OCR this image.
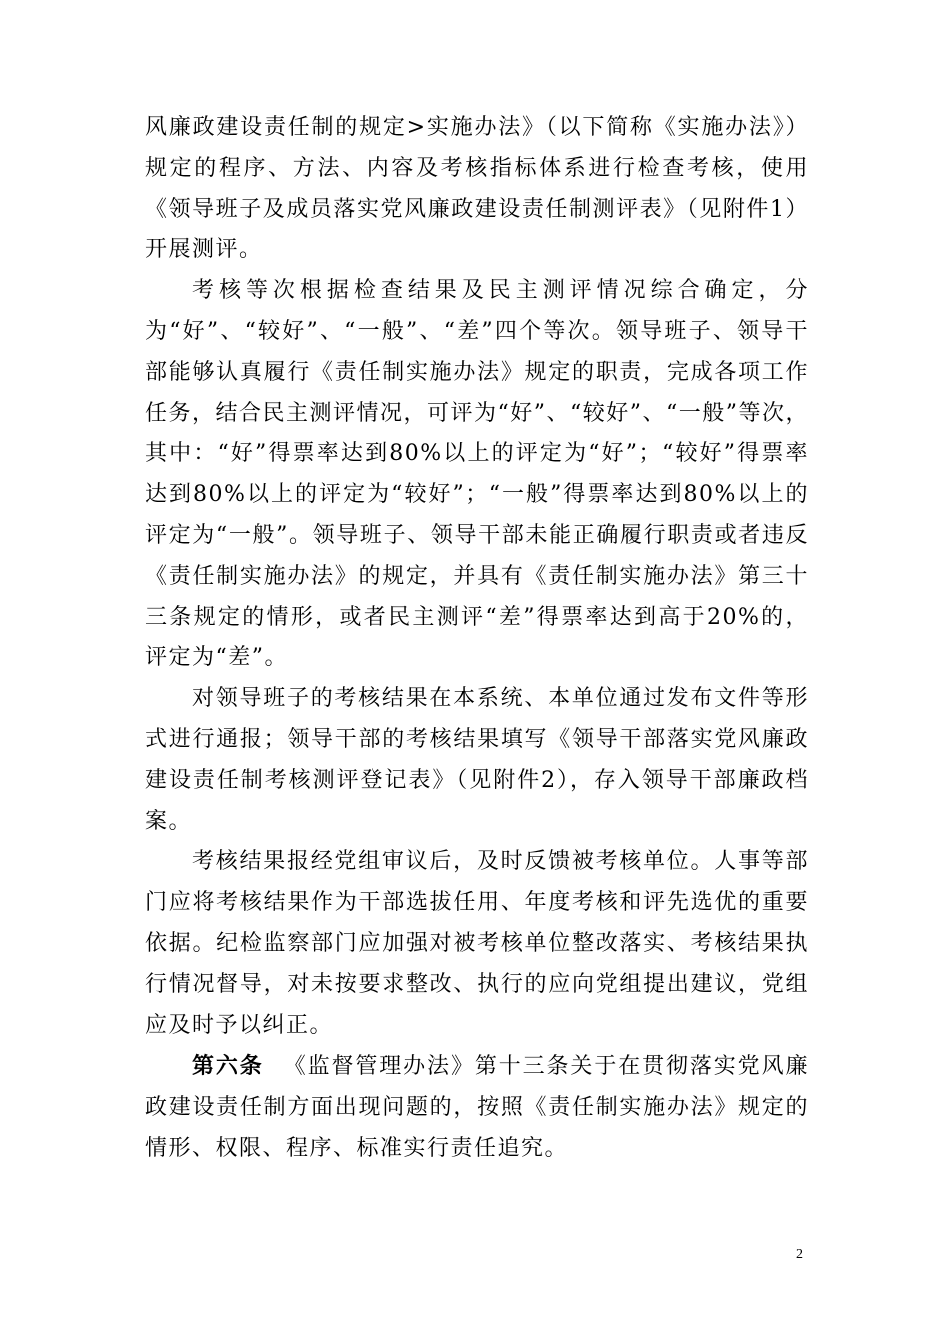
风廉政建设责任制的规定>实施办法》（以下简称《实施办法》）规定的程序、方法、内容及考核指标体系进行检查考核，使用《领导班子及成员落实党风廉政建设责任制测评表》（见附件1）开展测评。

考核等次根据检查结果及民主测评情况综合确定，分为“好”、“较好”、“一般”、“差”四个等次。领导班子、领导干部能够认真履行《责任制实施办法》规定的职责，完成各项工作任务，结合民主测评情况，可评为“好”、“较好”、“一般”等次，其中：“好”得票率达到80%以上的评定为“好”；“较好”得票率达到80%以上的评定为“较好”；“一般”得票率达到80%以上的 评定为“一般”。领导班子、领导干部未能正确履行职责或者违反《责任制实施办法》的规定，并具有《责任制实施办法》第三十三条规定的情形，或者民主测评“差”得票率达到高于20%的，评定为“差”。

对领导班子的考核结果在本系统、本单位通过发布文件等形式进行通报；领导干部的考核结果填写《领导干部落实党风廉政建设责任制考核测评登记表》（见附件2），存入领导干部廉政档案。

考核结果报经党组审议后，及时反馈被考核单位。人事等部门应将考核结果作为干部选拔任用、年度考核和评先选优的重要依据。纪检监察部门应加强对被考核单位整改落实、考核结果执行情况督导，对未按要求整改、执行的应向党组提出建议，党组应及时予以纠正。

第六条 《监督管理办法》第十三条关于在贯彻落实党风廉政建设责任制方面出现问题的，按照《责任制实施办法》规定的情形、权限、程序、标准实行责任追究。

2
